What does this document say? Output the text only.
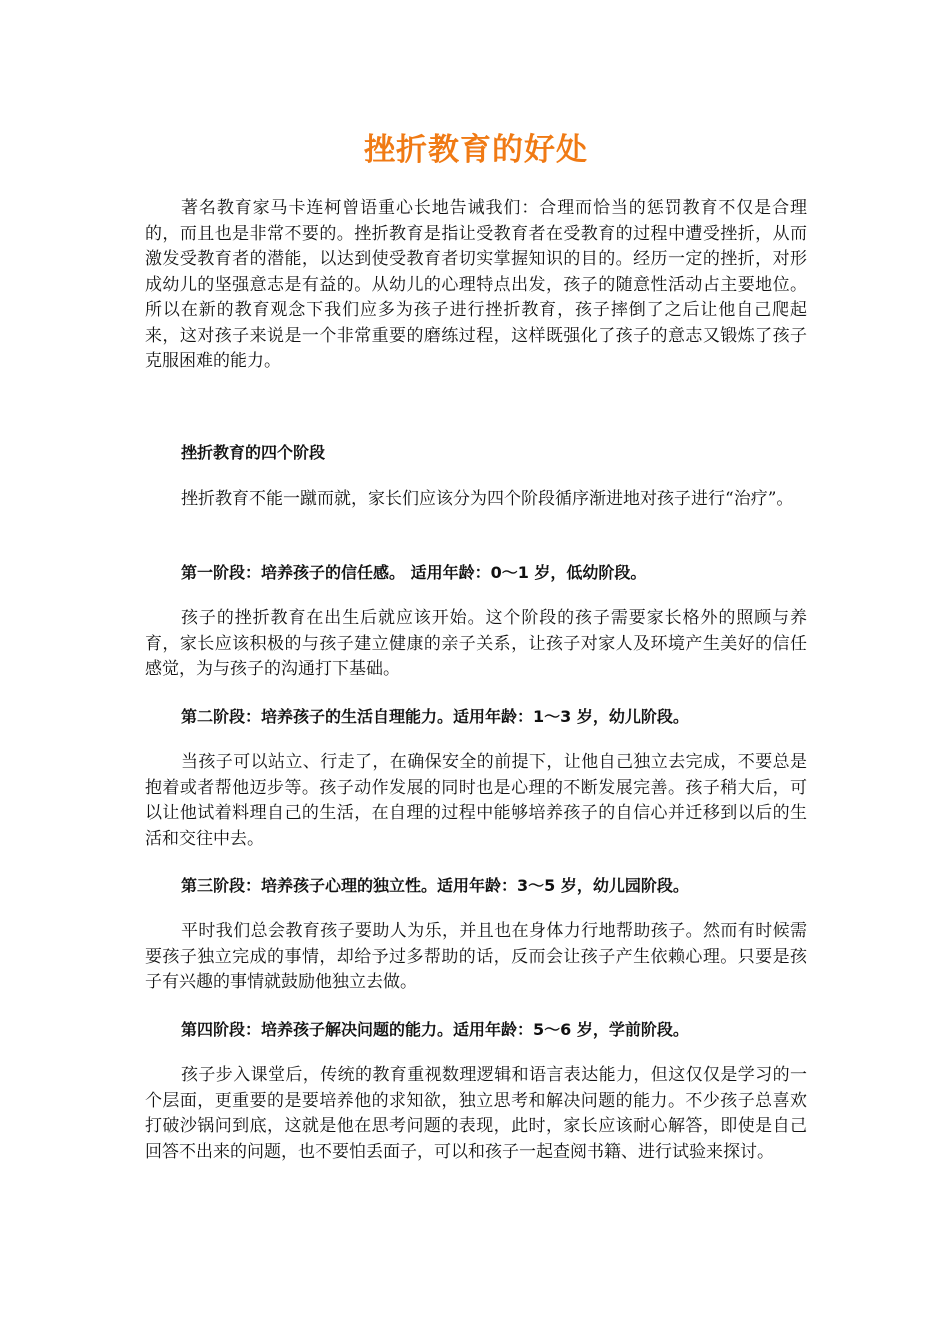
挫折教育的好处

著名教育家马卡连柯曾语重心长地告诫我们：合理而恰当的惩罚教育不仅是合理的，而且也是非常不要的。挫折教育是指让受教育者在受教育的过程中遭受挫折，从而激发受教育者的潜能，以达到使受教育者切实掌握知识的目的。经历一定的挫折，对形成幼儿的坚强意志是有益的。从幼儿的心理特点出发，孩子的随意性活动占主要地位。所以在新的教育观念下我们应多为孩子进行挫折教育，孩子摔倒了之后让他自己爬起来，这对孩子来说是一个非常重要的磨练过程，这样既强化了孩子的意志又锻炼了孩子克服困难的能力。

挫折教育的四个阶段

挫折教育不能一蹴而就，家长们应该分为四个阶段循序渐进地对孩子进行“治疗”。

第一阶段：培养孩子的信任感。 适用年龄：0～1 岁，低幼阶段。

孩子的挫折教育在出生后就应该开始。这个阶段的孩子需要家长格外的照顾与养育，家长应该积极的与孩子建立健康的亲子关系，让孩子对家人及环境产生美好的信任感觉，为与孩子的沟通打下基础。

第二阶段：培养孩子的生活自理能力。适用年龄：1～3 岁，幼儿阶段。

当孩子可以站立、行走了，在确保安全的前提下，让他自己独立去完成，不要总是抱着或者帮他迈步等。孩子动作发展的同时也是心理的不断发展完善。孩子稍大后，可以让他试着料理自己的生活，在自理的过程中能够培养孩子的自信心并迁移到以后的生活和交往中去。

第三阶段：培养孩子心理的独立性。适用年龄：3～5 岁，幼儿园阶段。

平时我们总会教育孩子要助人为乐，并且也在身体力行地帮助孩子。然而有时候需要孩子独立完成的事情，却给予过多帮助的话，反而会让孩子产生依赖心理。只要是孩子有兴趣的事情就鼓励他独立去做。

第四阶段：培养孩子解决问题的能力。适用年龄：5～6 岁，学前阶段。

孩子步入课堂后，传统的教育重视数理逻辑和语言表达能力，但这仅仅是学习的一个层面，更重要的是要培养他的求知欲，独立思考和解决问题的能力。不少孩子总喜欢打破沙锅问到底，这就是他在思考问题的表现，此时，家长应该耐心解答，即使是自己回答不出来的问题，也不要怕丢面子，可以和孩子一起查阅书籍、进行试验来探讨。
